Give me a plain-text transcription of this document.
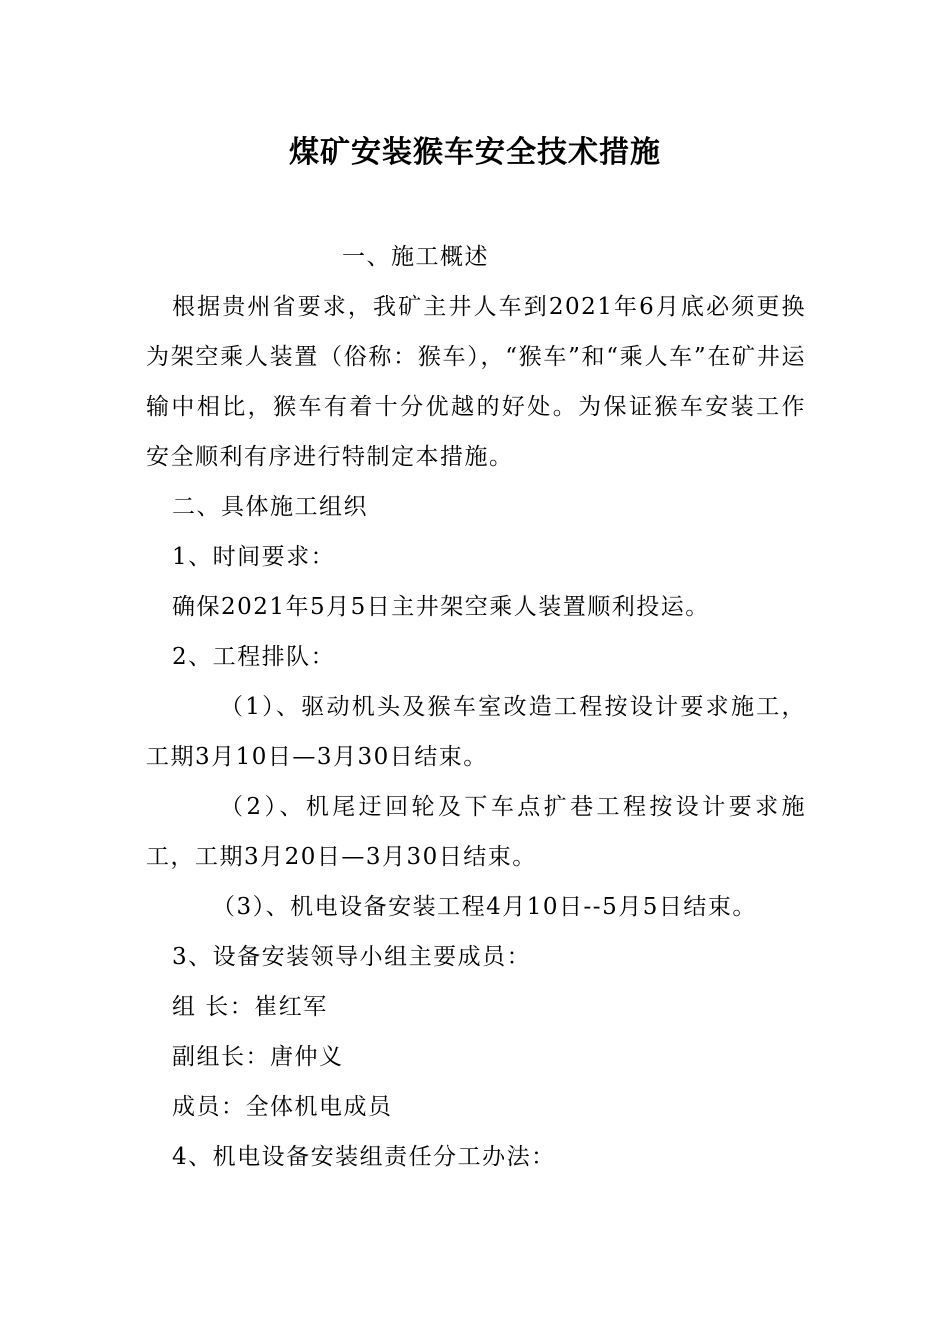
煤矿安装猴车安全技术措施

一、施工概述

根据贵州省要求，我矿主井人车到2021年6月底必须更换为架空乘人装置（俗称：猴车），“猴车”和“乘人车”在矿井运输中相比，猴车有着十分优越的好处。为保证猴车安装工作安全顺利有序进行特制定本措施。

二、具体施工组织

1、时间要求：

确保2021年5月5日主井架空乘人装置顺利投运。

2、工程排队：

（1）、驱动机头及猴车室改造工程按设计要求施工，工期3月10日—3月30日结束。

（2）、机尾迂回轮及下车点扩巷工程按设计要求施工，工期3月20日—3月30日结束。

（3）、机电设备安装工程4月10日--5月5日结束。

3、设备安装领导小组主要成员：

组 长：崔红军

副组长：唐仲义

成员：全体机电成员

4、机电设备安装组责任分工办法：
